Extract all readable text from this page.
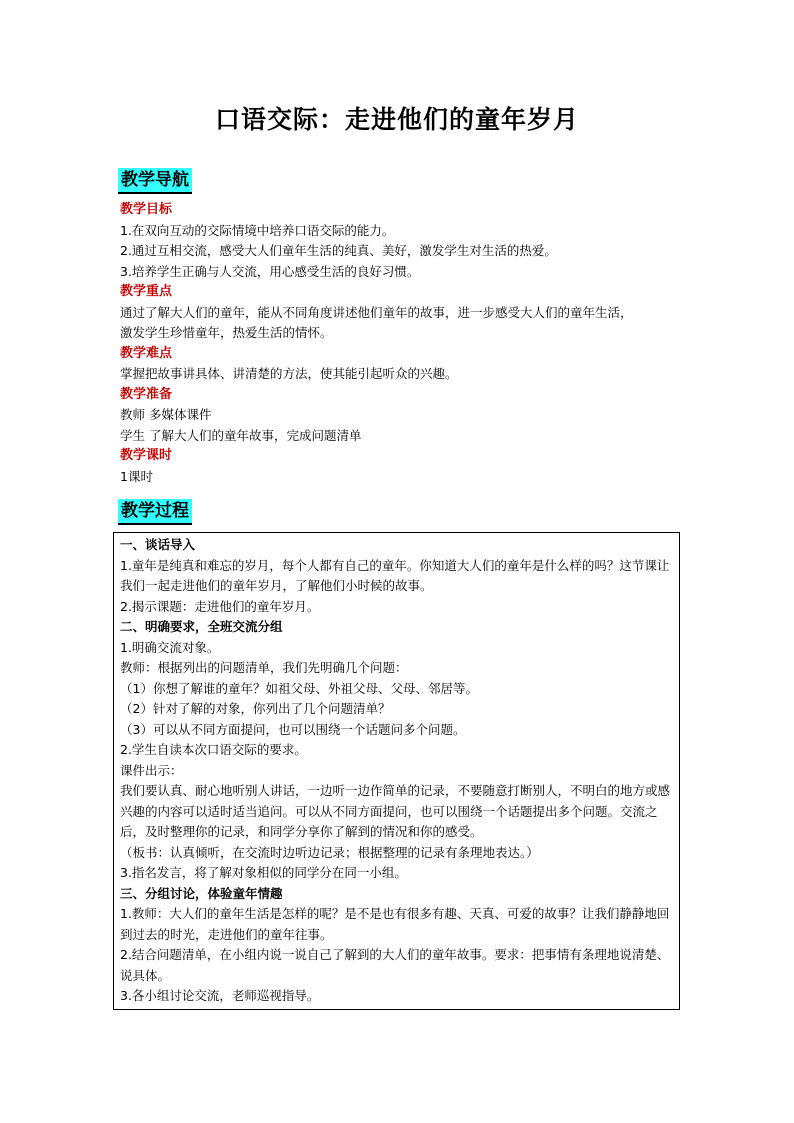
口语交际：走进他们的童年岁月
教学导航
教学目标
1.在双向互动的交际情境中培养口语交际的能力。
2.通过互相交流，感受大人们童年生活的纯真、美好，激发学生对生活的热爱。
3.培养学生正确与人交流，用心感受生活的良好习惯。
教学重点
通过了解大人们的童年，能从不同角度讲述他们童年的故事，进一步感受大人们的童年生活，
激发学生珍惜童年，热爱生活的情怀。
教学难点
掌握把故事讲具体、讲清楚的方法，使其能引起听众的兴趣。
教学准备
教师 多媒体课件
学生 了解大人们的童年故事，完成问题清单
教学课时
1课时
教学过程
一、谈话导入
1.童年是纯真和难忘的岁月，每个人都有自己的童年。你知道大人们的童年是什么样的吗？这节课让我们一起走进他们的童年岁月，了解他们小时候的故事。
2.揭示课题：走进他们的童年岁月。
二、明确要求，全班交流分组
1.明确交流对象。
教师：根据列出的问题清单，我们先明确几个问题：
（1）你想了解谁的童年？如祖父母、外祖父母、父母、邻居等。
（2）针对了解的对象，你列出了几个问题清单？
（3）可以从不同方面提问，也可以围绕一个话题问多个问题。
2.学生自读本次口语交际的要求。
课件出示：
我们要认真、耐心地听别人讲话，一边听一边作简单的记录，不要随意打断别人，不明白的地方或感兴趣的内容可以适时适当追问。可以从不同方面提问，也可以围绕一个话题提出多个问题。交流之后，及时整理你的记录，和同学分享你了解到的情况和你的感受。
（板书：认真倾听，在交流时边听边记录；根据整理的记录有条理地表达。）
3.指名发言，将了解对象相似的同学分在同一小组。
三、分组讨论，体验童年情趣
1.教师：大人们的童年生活是怎样的呢？是不是也有很多有趣、天真、可爱的故事？让我们静静地回到过去的时光，走进他们的童年往事。
2.结合问题清单，在小组内说一说自己了解到的大人们的童年故事。要求：把事情有条理地说清楚、说具体。
3.各小组讨论交流，老师巡视指导。
